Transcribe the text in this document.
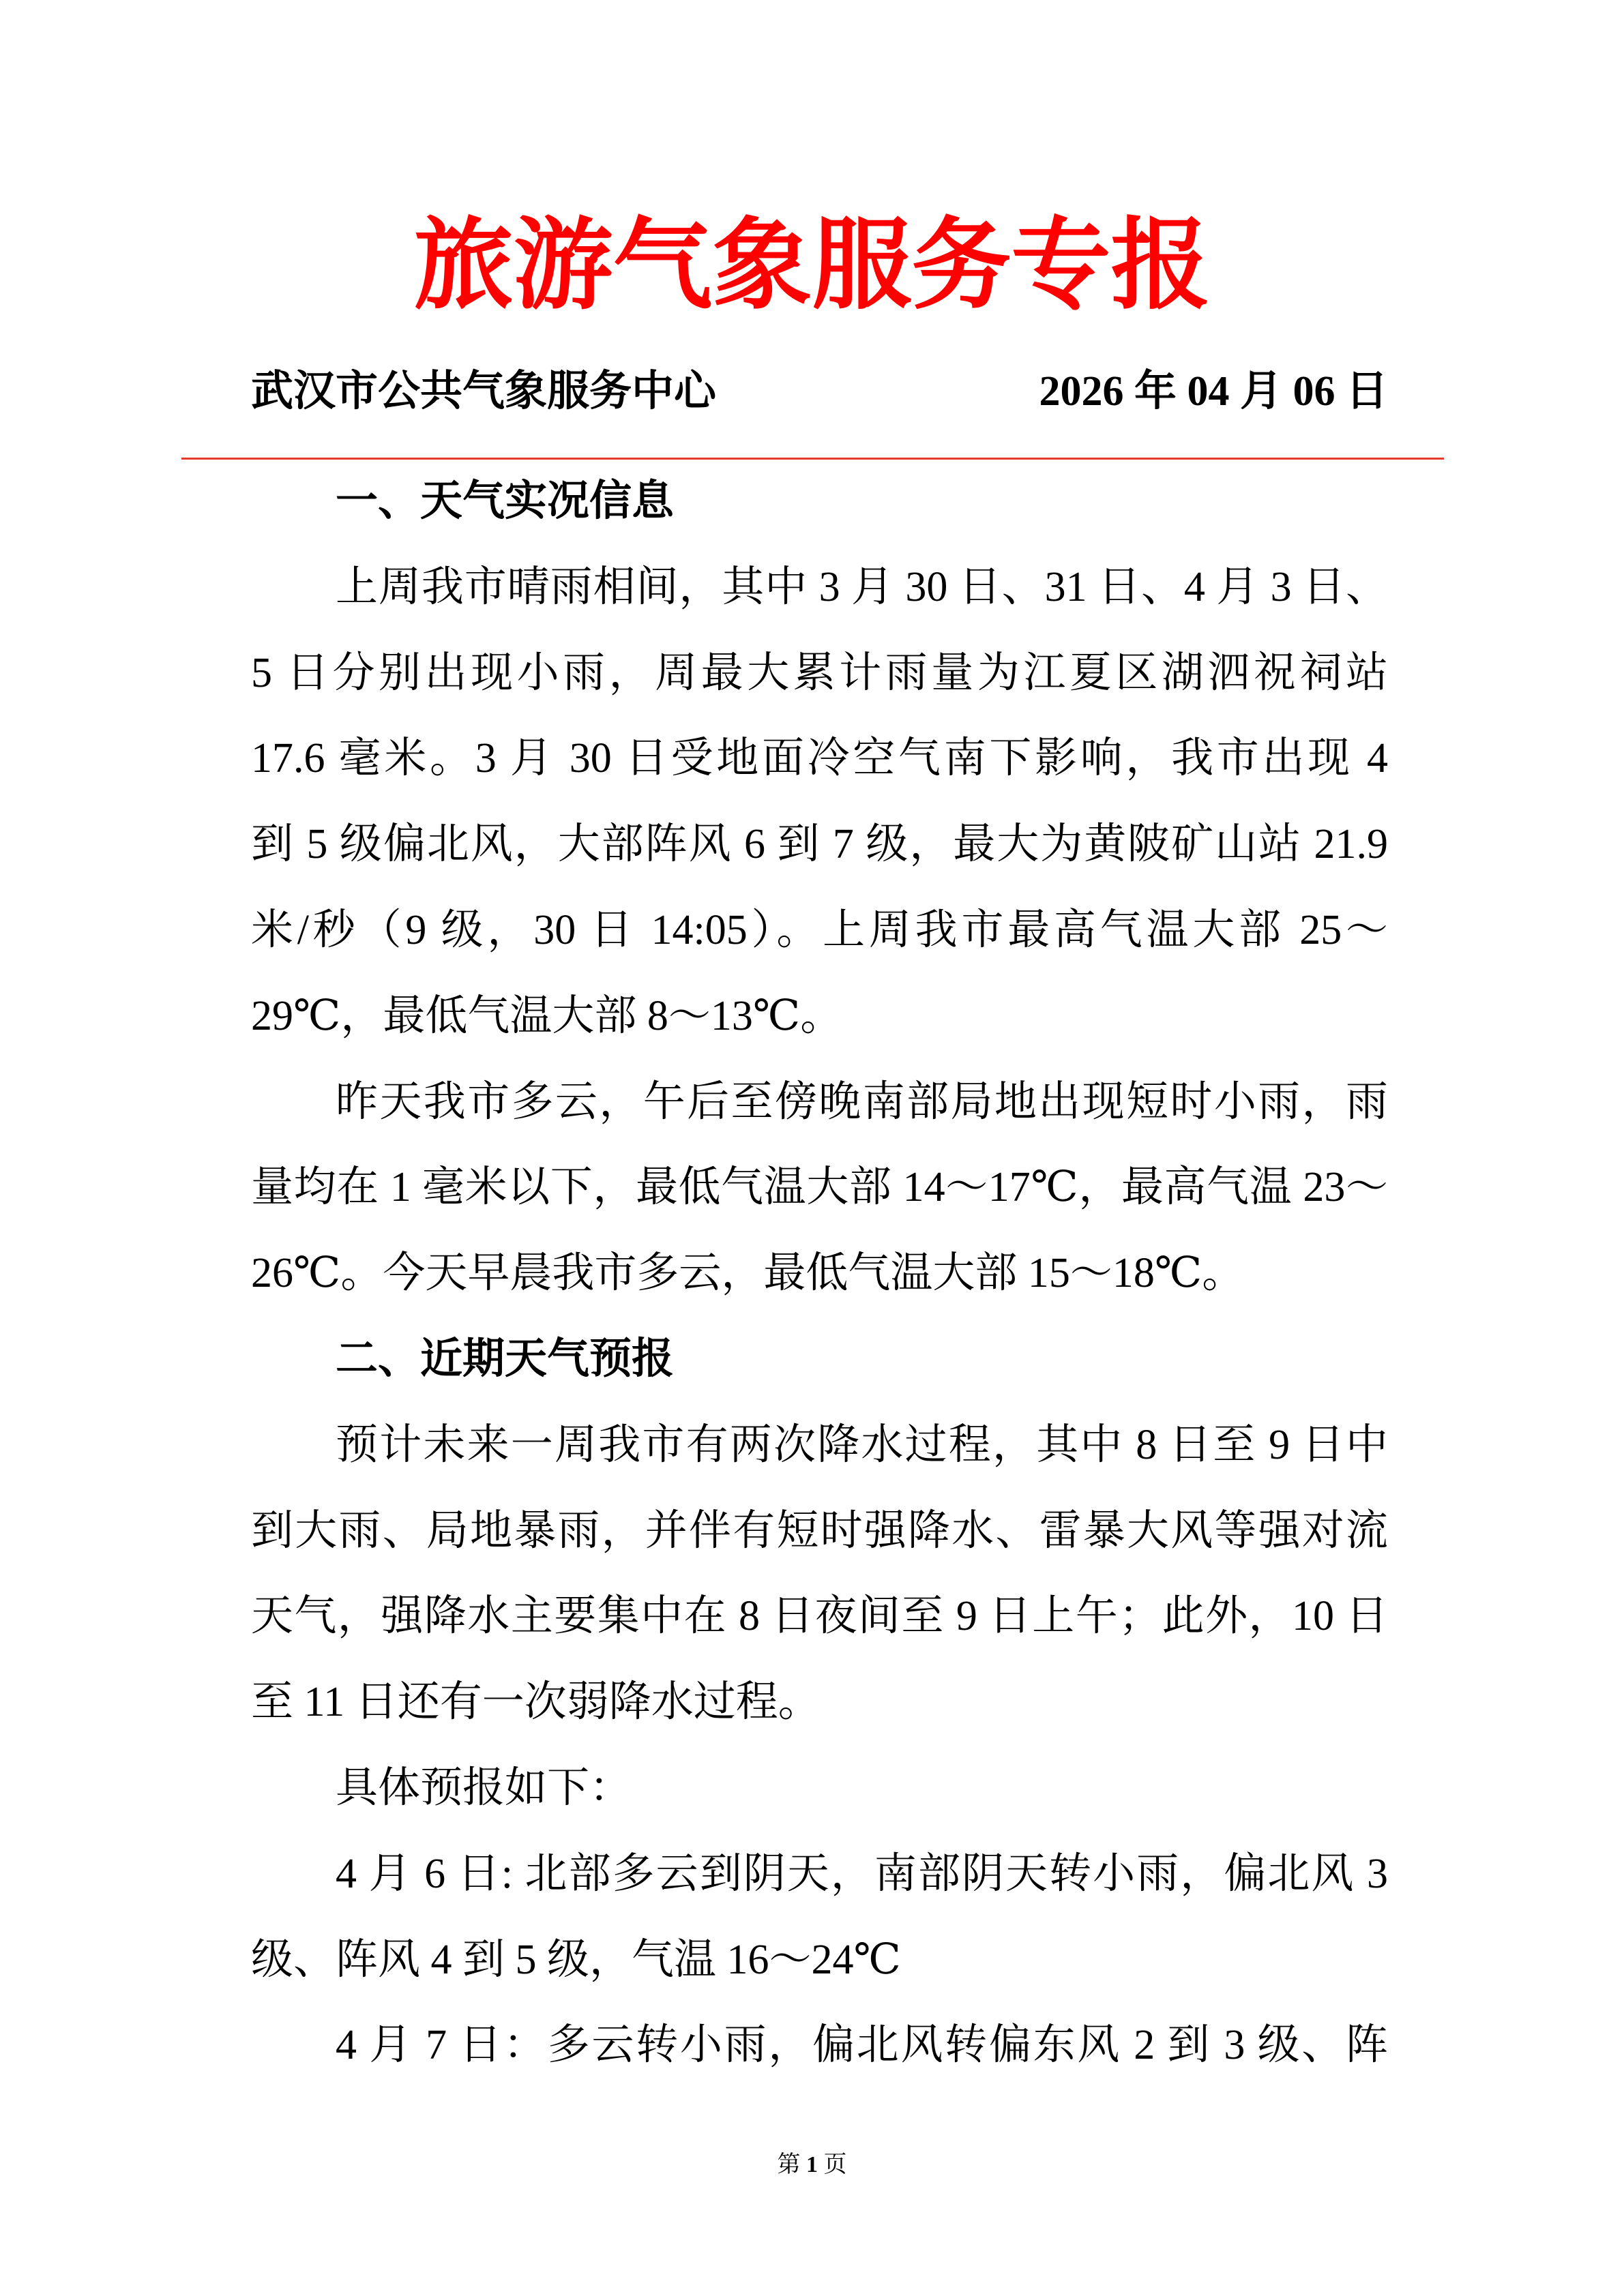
旅游气象服务专报
武汉市公共气象服务中心	2026 年 04 月 06 日
一、天气实况信息
上周我市晴雨相间，其中 3 月 30 日、31 日、4 月 3 日、
5 日分别出现小雨，周最大累计雨量为江夏区湖泗祝祠站
17.6 毫米。3 月 30 日受地面冷空气南下影响，我市出现 4
到 5 级偏北风，大部阵风 6 到 7 级，最大为黄陂矿山站 21.9
米/秒（9 级，30 日 14:05）。上周我市最高气温大部 25～
29℃，最低气温大部 8～13℃。
昨天我市多云，午后至傍晚南部局地出现短时小雨，雨
量均在 1 毫米以下，最低气温大部 14～17℃，最高气温 23～
26℃。今天早晨我市多云，最低气温大部 15～18℃。
二、近期天气预报
预计未来一周我市有两次降水过程，其中 8 日至 9 日中
到大雨、局地暴雨，并伴有短时强降水、雷暴大风等强对流
天气，强降水主要集中在 8 日夜间至 9 日上午；此外，10 日
至 11 日还有一次弱降水过程。
具体预报如下：
4 月 6 日: 北部多云到阴天，南部阴天转小雨，偏北风 3
级、阵风 4 到 5 级，气温 16～24℃
4 月 7 日：多云转小雨，偏北风转偏东风 2 到 3 级、阵
第 1 页
